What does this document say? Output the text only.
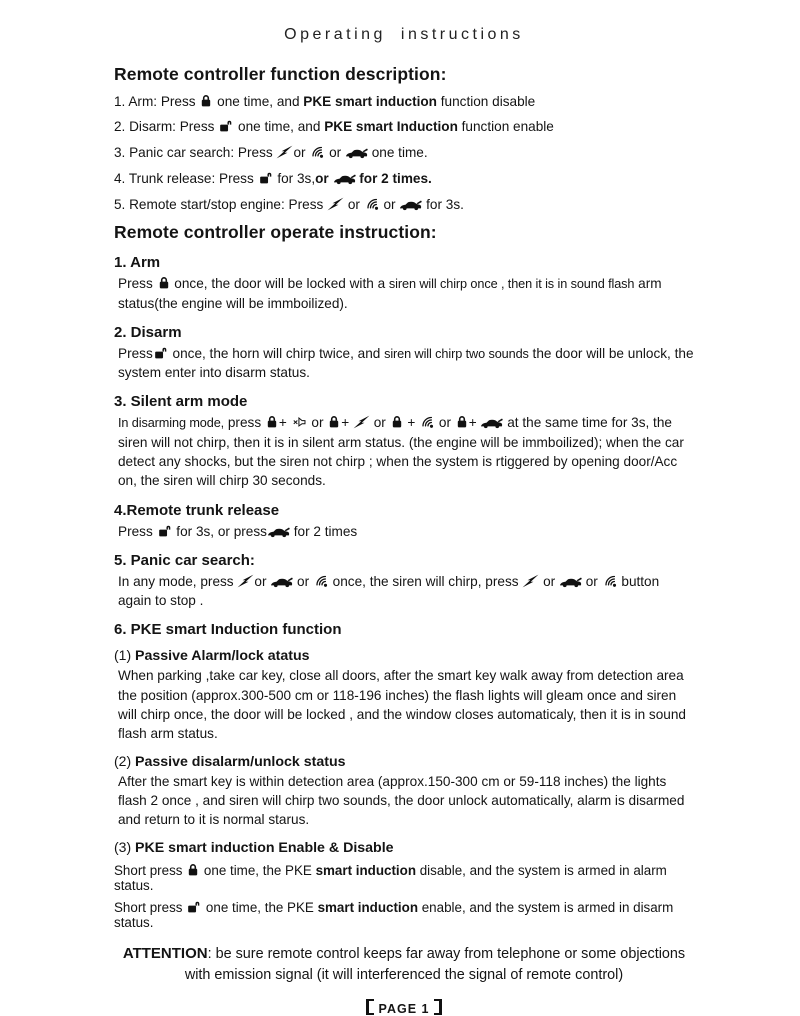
Operating instructions
Remote controller function description:
1. Arm: Press  one time, and PKE smart induction function disable
2. Disarm: Press  one time, and PKE smart Induction function enable
3. Panic car search: Press or  or  one time.
4. Trunk release: Press  for 3s,or  for 2 times.
5. Remote start/stop engine: Press  or  or  for 3s.
Remote controller operate instruction:
1. Arm
Press  once, the door will be locked with a siren will chirp once , then it is in sound flash arm status(the engine will be immboilized).
2. Disarm
Press once, the horn will chirp twice, and siren will chirp two sounds the door will be unlock, the system enter into disarm status.
3. Silent arm mode
In disarming mode, press +  or +  or  +  or +  at the same time for 3s, the siren will not chirp, then it is in silent arm status. (the engine will be immboilized); when the car detect any shocks, but the siren not chirp ; when the system is rtiggered by opening door/Acc on, the siren will chirp 30 seconds.
4.Remote trunk release
Press  for 3s, or press for 2 times
5. Panic car search:
In any mode, press or  or  once, the siren will chirp, press  or  or  button again to stop .
6. PKE smart Induction function
(1) Passive Alarm/lock atatus
When parking ,take car key, close all doors, after the smart key walk away from detection area the position (approx.300-500 cm or 118-196 inches) the flash lights will gleam once and siren will chirp once, the door will be locked , and the window closes automaticaly, then it is in sound flash arm status.
(2) Passive disalarm/unlock status
After the smart key is within detection area (approx.150-300 cm or 59-118 inches) the lights flash 2 once , and siren will chirp two sounds, the door unlock automatically, alarm is disarmed and return to it is normal starus.
(3) PKE smart induction Enable & Disable
Short press  one time, the PKE smart induction disable, and the system is armed in alarm status.
Short press  one time, the PKE smart induction enable, and the system is armed in disarm status.
ATTENTION: be sure remote control keeps far away from telephone or some objections with emission signal (it will interferenced the signal of remote control)
PAGE 1
